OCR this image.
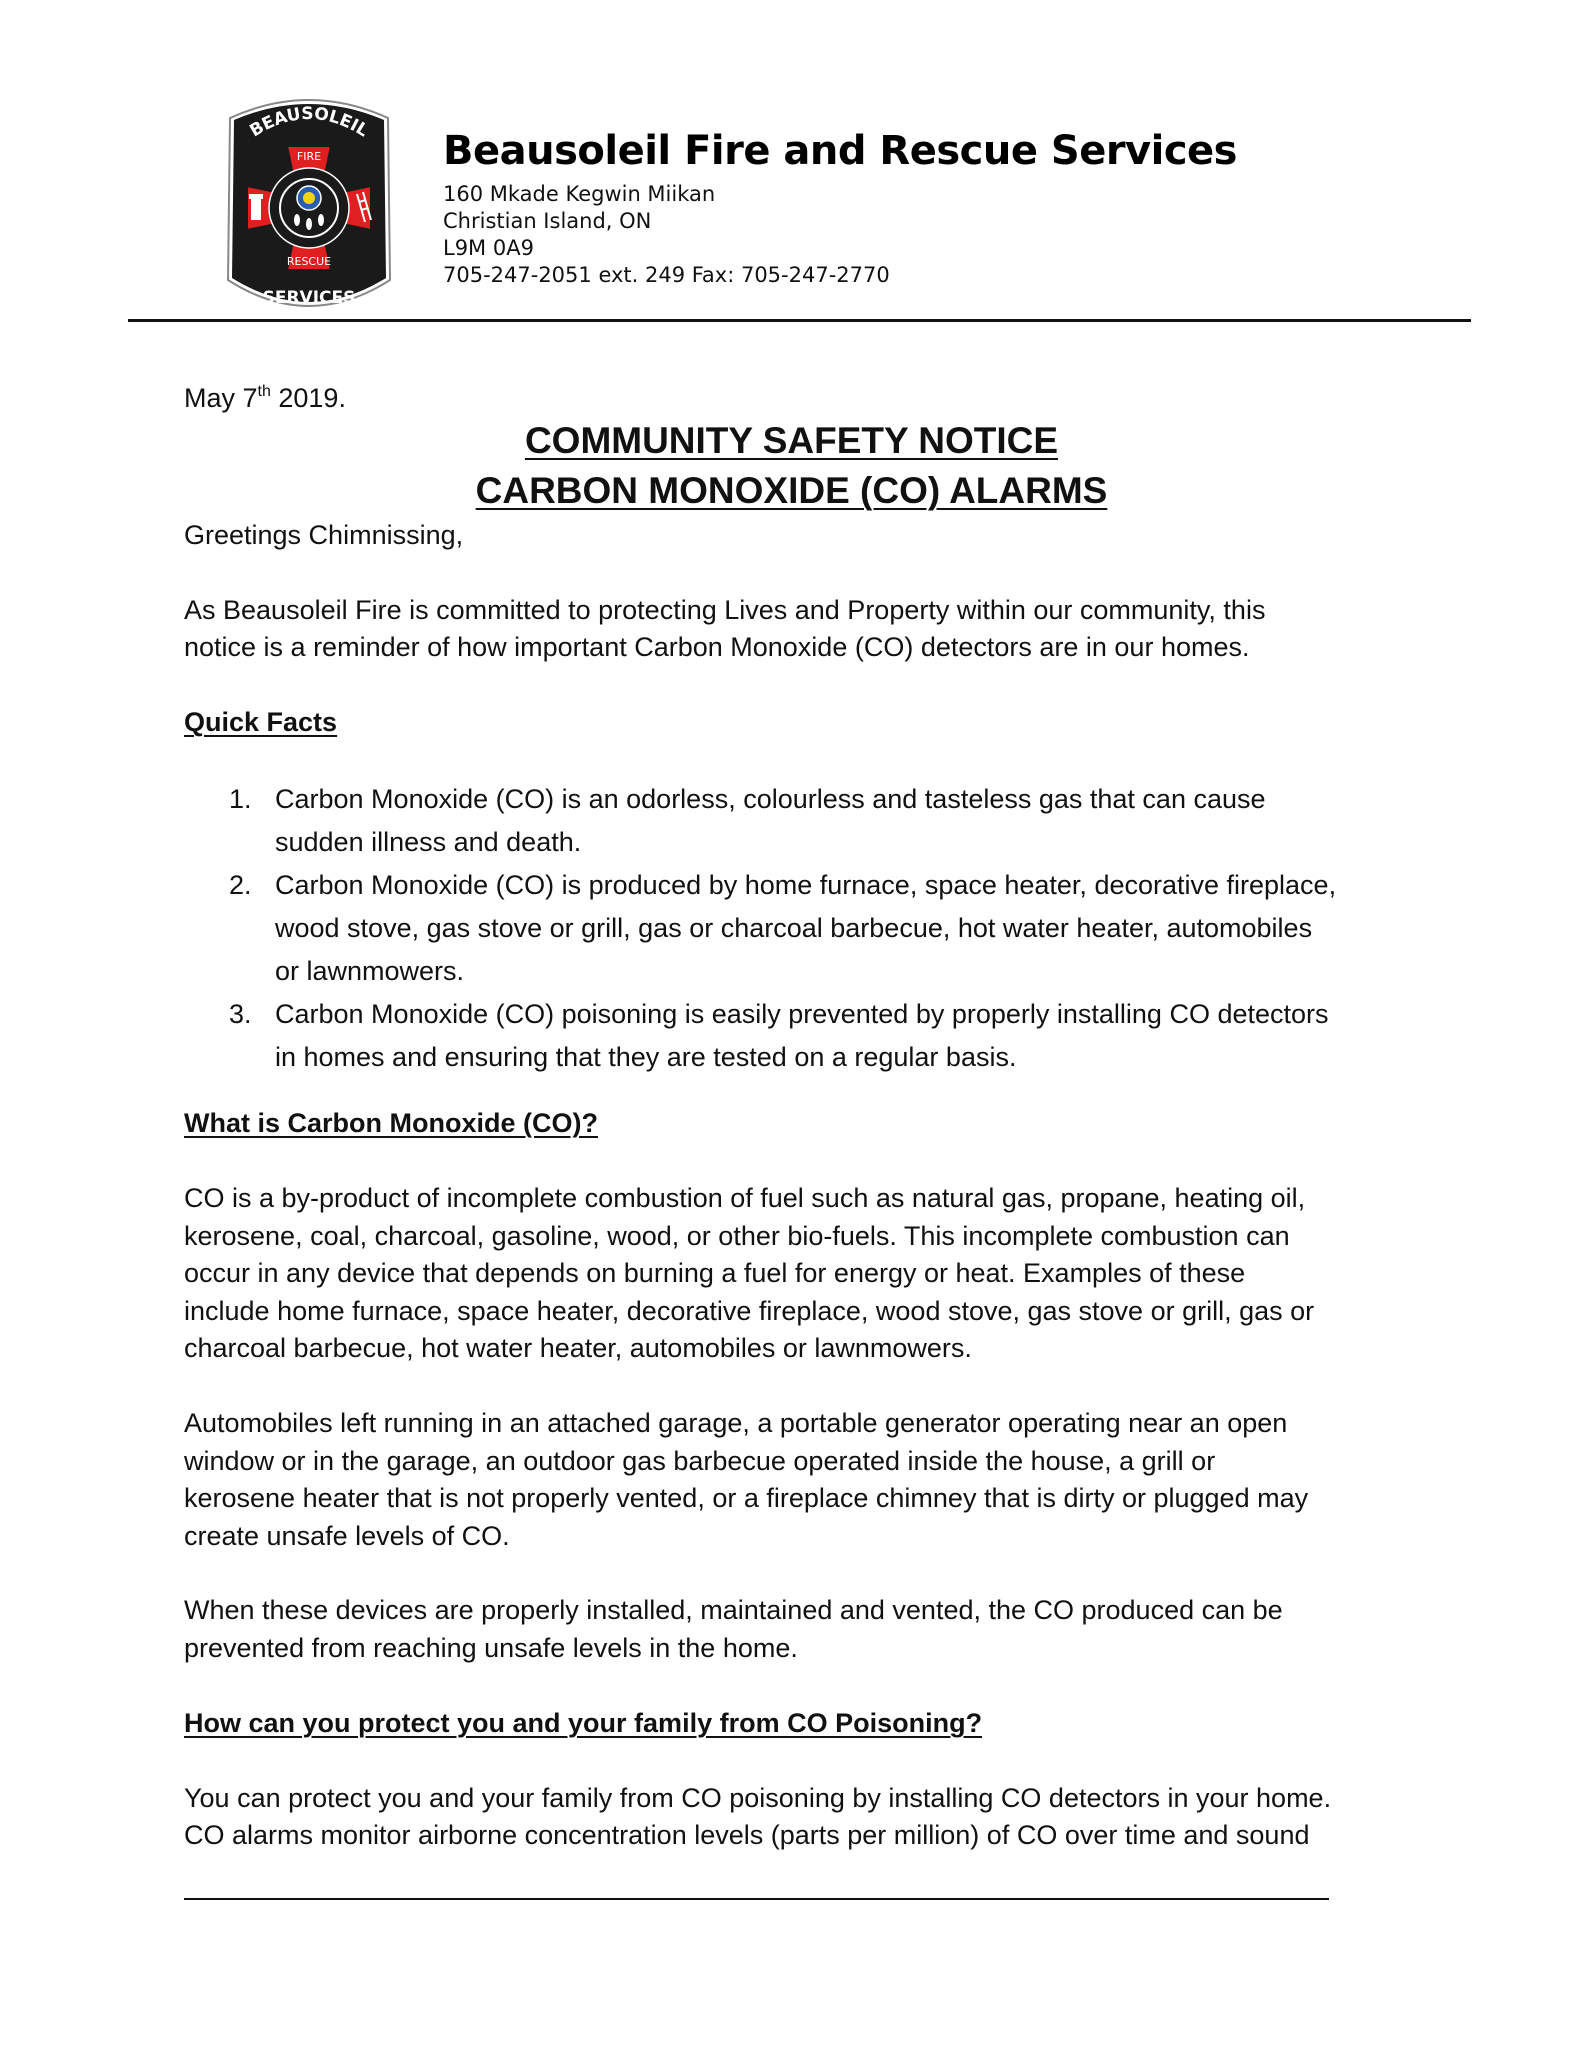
BEAUSOLEIL
FIRE
RESCUE
SERVICES
Beausoleil Fire and Rescue Services
160 Mkade Kegwin Miikan
Christian Island, ON
L9M 0A9
705-247-2051 ext. 249 Fax: 705-247-2770
May 7th 2019.
COMMUNITY SAFETY NOTICE
CARBON MONOXIDE (CO) ALARMS
Greetings Chimnissing,
As Beausoleil Fire is committed to protecting Lives and Property within our community, this
notice is a reminder of how important Carbon Monoxide (CO) detectors are in our homes.
Quick Facts
1. Carbon Monoxide (CO) is an odorless, colourless and tasteless gas that can cause
sudden illness and death.
2. Carbon Monoxide (CO) is produced by home furnace, space heater, decorative fireplace,
wood stove, gas stove or grill, gas or charcoal barbecue, hot water heater, automobiles
or lawnmowers.
3. Carbon Monoxide (CO) poisoning is easily prevented by properly installing CO detectors
in homes and ensuring that they are tested on a regular basis.
What is Carbon Monoxide (CO)?
CO is a by-product of incomplete combustion of fuel such as natural gas, propane, heating oil,
kerosene, coal, charcoal, gasoline, wood, or other bio-fuels. This incomplete combustion can
occur in any device that depends on burning a fuel for energy or heat. Examples of these
include home furnace, space heater, decorative fireplace, wood stove, gas stove or grill, gas or
charcoal barbecue, hot water heater, automobiles or lawnmowers.
Automobiles left running in an attached garage, a portable generator operating near an open
window or in the garage, an outdoor gas barbecue operated inside the house, a grill or
kerosene heater that is not properly vented, or a fireplace chimney that is dirty or plugged may
create unsafe levels of CO.
When these devices are properly installed, maintained and vented, the CO produced can be
prevented from reaching unsafe levels in the home.
How can you protect you and your family from CO Poisoning?
You can protect you and your family from CO poisoning by installing CO detectors in your home.
CO alarms monitor airborne concentration levels (parts per million) of CO over time and sound
